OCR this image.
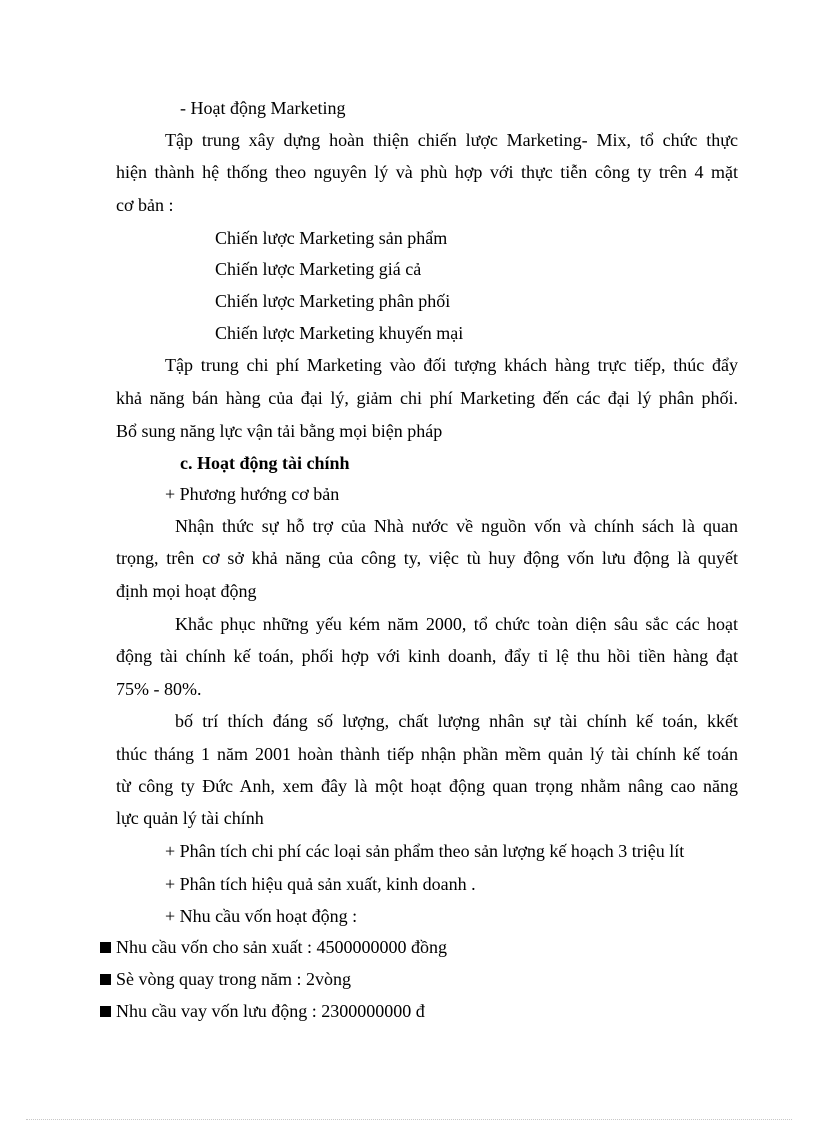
- Hoạt động Marketing
Tập trung xây dựng hoàn thiện chiến lược Marketing- Mix, tổ chức thực
hiện thành hệ thống theo nguyên lý và phù hợp với thực tiễn công ty trên 4 mặt
cơ bản :
Chiến lược Marketing sản phẩm
Chiến lược Marketing giá cả
Chiến lược Marketing phân phối
Chiến lược Marketing khuyến mại
Tập trung chi phí Marketing vào đối tượng khách hàng trực tiếp, thúc đẩy
khả năng bán hàng của đại lý, giảm chi phí Marketing đến các đại lý phân phối.
Bổ sung năng lực vận tải bằng mọi biện pháp
c. Hoạt động tài chính
+ Phương hướng cơ bản
Nhận thức sự hỗ trợ của Nhà nước về nguồn vốn và chính sách là quan
trọng, trên cơ sở khả năng của công ty, việc tù huy động vốn lưu động là quyết
định mọi hoạt động
Khắc phục những yếu kém năm 2000, tổ chức toàn diện sâu sắc các hoạt
động tài chính kế toán, phối hợp với kinh doanh, đẩy tỉ lệ thu hồi tiền hàng đạt
75% - 80%.
bố trí thích đáng số lượng, chất lượng nhân sự tài chính kế toán, kkết
thúc tháng 1 năm 2001 hoàn thành tiếp nhận phần mềm quản lý tài chính kế toán
từ công ty Đức Anh, xem đây là một hoạt động quan trọng nhằm nâng cao năng
lực quản lý tài chính
+ Phân tích chi phí các loại sản phẩm theo sản lượng kế hoạch 3 triệu lít
+ Phân tích hiệu quả sản xuất, kinh doanh .
+ Nhu cầu vốn hoạt động :
Nhu cầu vốn cho sản xuất : 4500000000 đồng
Sè vòng quay trong năm : 2vòng
Nhu cầu vay vốn lưu động : 2300000000 đ
